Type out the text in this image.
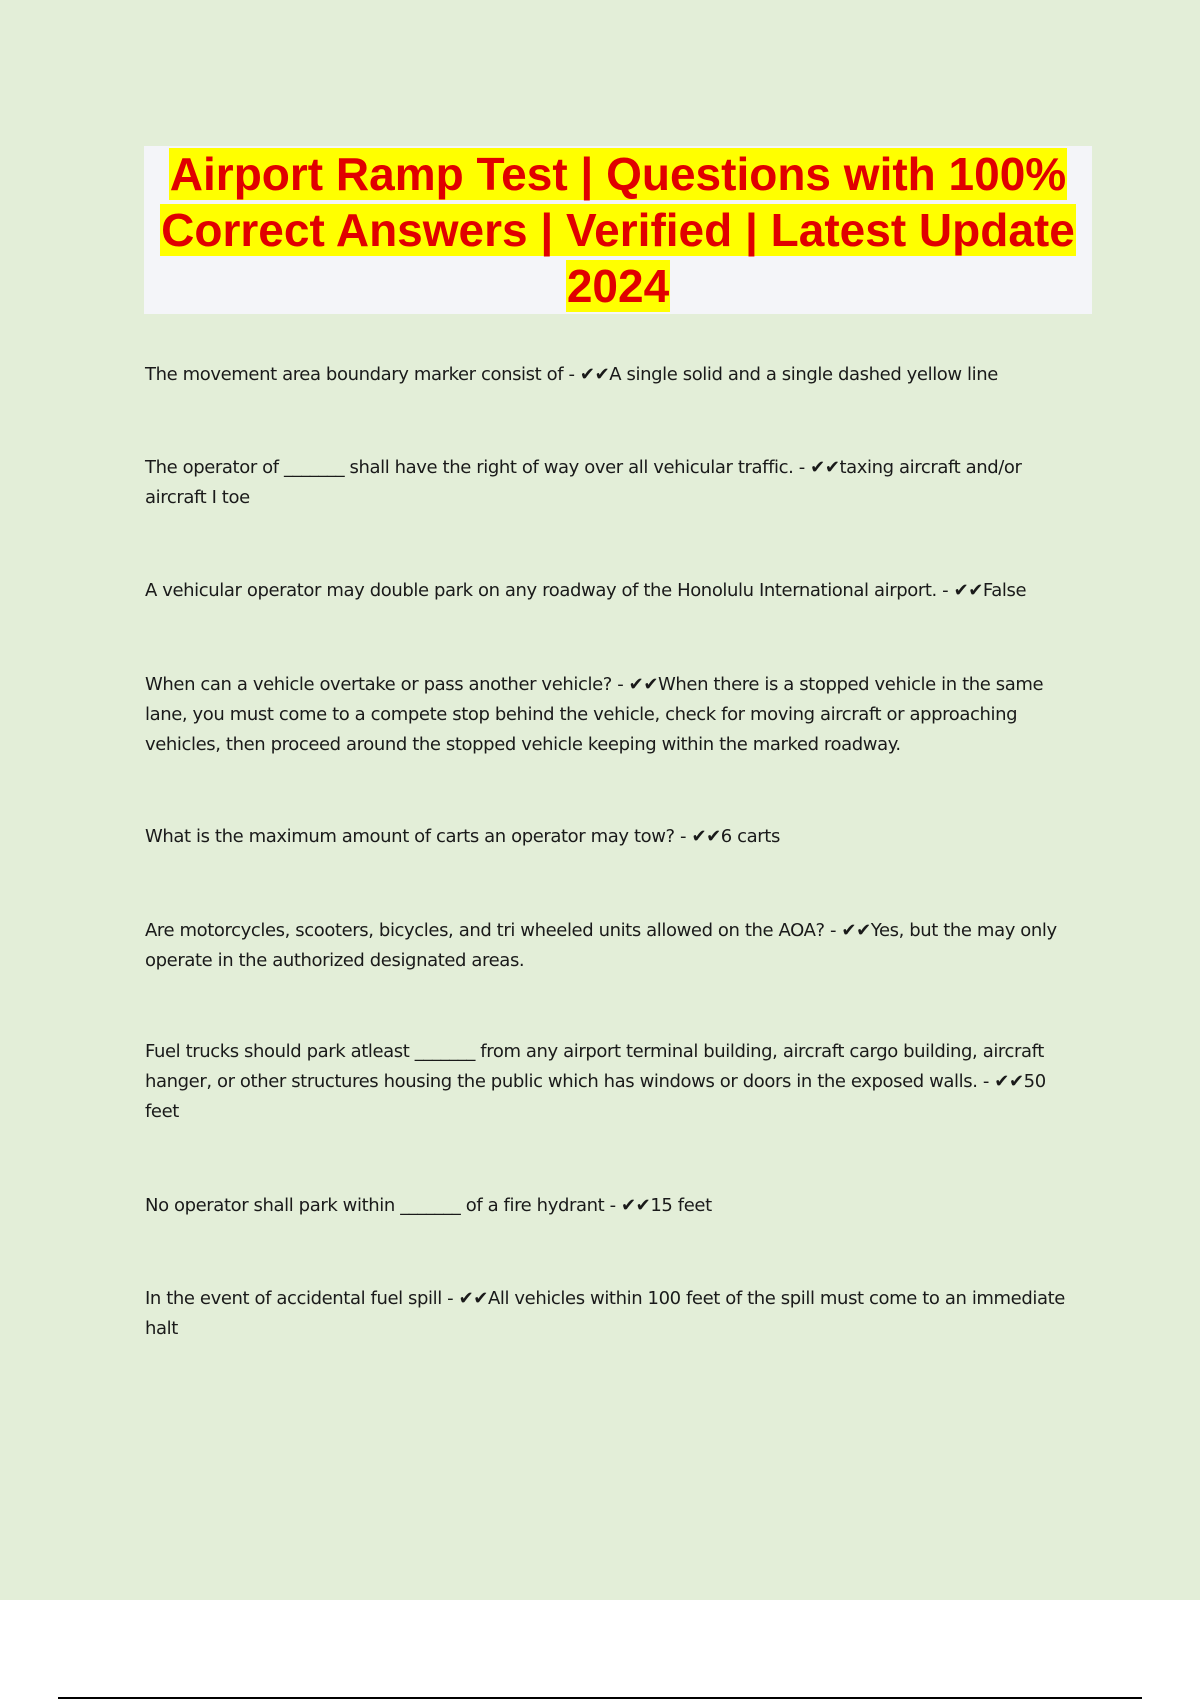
Airport Ramp Test | Questions with 100% Correct Answers | Verified | Latest Update 2024

The movement area boundary marker consist of - ✔✔A single solid and a single dashed yellow line
The operator of _______ shall have the right of way over all vehicular traffic. - ✔✔taxing aircraft and/or aircraft I toe
A vehicular operator may double park on any roadway of the Honolulu International airport. - ✔✔False
When can a vehicle overtake or pass another vehicle? - ✔✔When there is a stopped vehicle in the same lane, you must come to a compete stop behind the vehicle, check for moving aircraft or approaching vehicles, then proceed around the stopped vehicle keeping within the marked roadway.
What is the maximum amount of carts an operator may tow? - ✔✔6 carts
Are motorcycles, scooters, bicycles, and tri wheeled units allowed on the AOA? - ✔✔Yes, but the may only operate in the authorized designated areas.
Fuel trucks should park atleast _______ from any airport terminal building, aircraft cargo building, aircraft hanger, or other structures housing the public which has windows or doors in the exposed walls. - ✔✔50 feet
No operator shall park within _______ of a fire hydrant - ✔✔15 feet
In the event of accidental fuel spill - ✔✔All vehicles within 100 feet of the spill must come to an immediate halt
